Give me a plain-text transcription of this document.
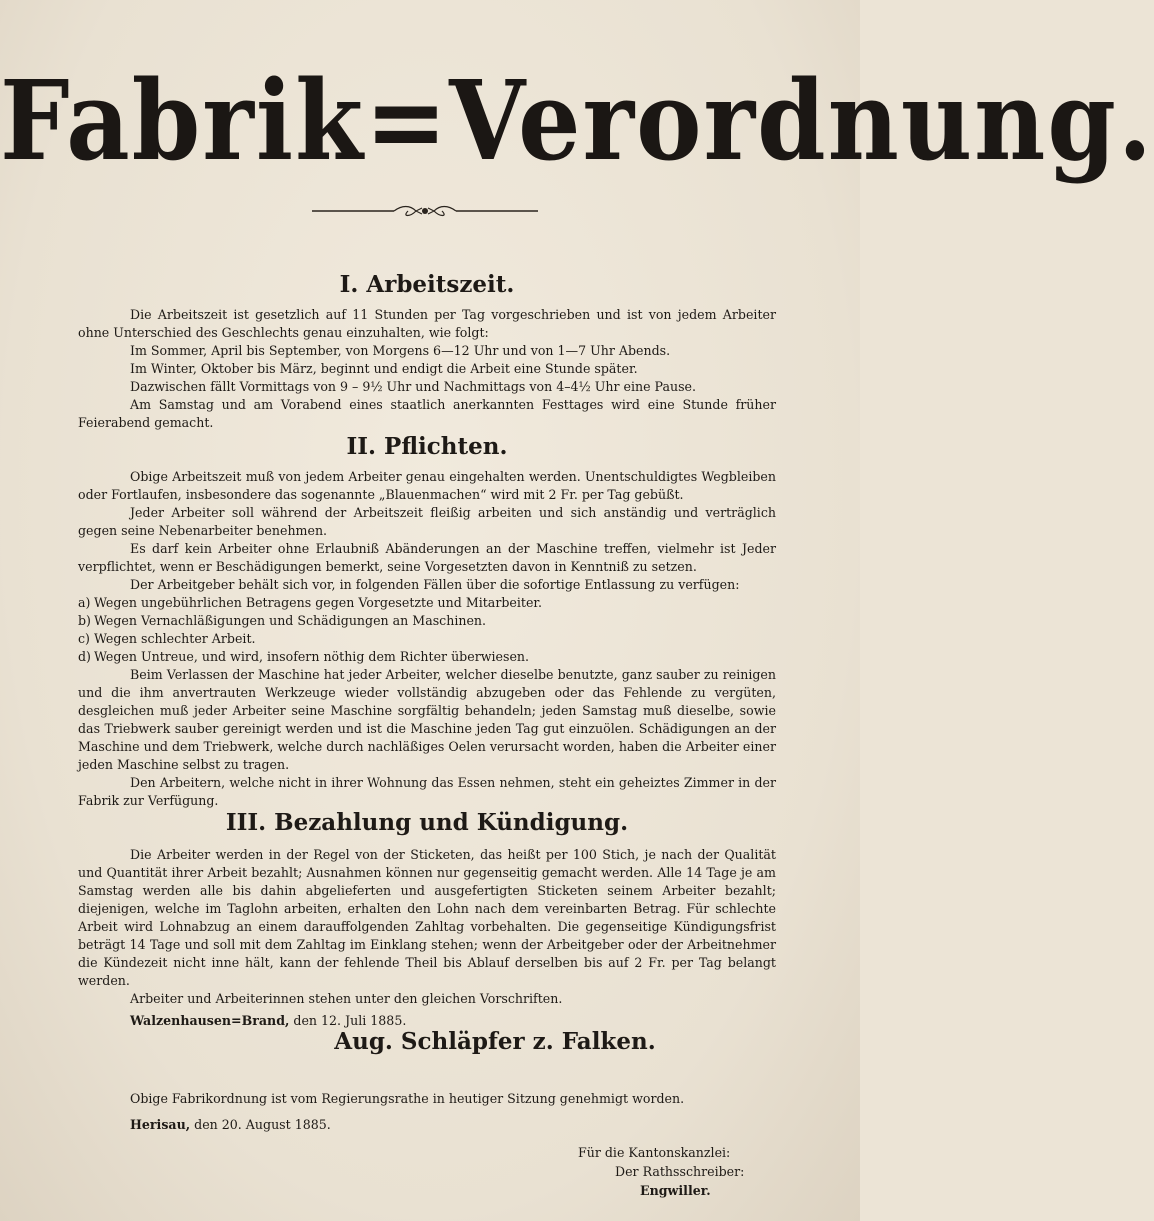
Fabrik=Verordnung.
I. Arbeitszeit.

Die Arbeitszeit ist gesetzlich auf 11 Stunden per Tag vorgeschrieben und ist von jedem Arbeiter ohne Unterschied des Geschlechts genau einzuhalten, wie folgt:

Im Sommer, April bis September, von Morgens 6—12 Uhr und von 1—7 Uhr Abends.

Im Winter, Oktober bis März, beginnt und endigt die Arbeit eine Stunde später.

Dazwischen fällt Vormittags von 9 – 9½ Uhr und Nachmittags von 4–4½ Uhr eine Pause.

Am Samstag und am Vorabend eines staatlich anerkannten Festtages wird eine Stunde früher Feierabend gemacht.

II. Pflichten.

Obige Arbeitszeit muß von jedem Arbeiter genau eingehalten werden. Unentschuldigtes Wegbleiben oder Fortlaufen, insbesondere das sogenannte „Blauenmachen“ wird mit 2 Fr. per Tag gebüßt.

Jeder Arbeiter soll während der Arbeitszeit fleißig arbeiten und sich anständig und verträglich gegen seine Nebenarbeiter benehmen.

Es darf kein Arbeiter ohne Erlaubniß Abänderungen an der Maschine treffen, vielmehr ist Jeder verpflichtet, wenn er Beschädigungen bemerkt, seine Vorgesetzten davon in Kenntniß zu setzen.

Der Arbeitgeber behält sich vor, in folgenden Fällen über die sofortige Entlassung zu verfügen:

a) Wegen ungebührlichen Betragens gegen Vorgesetzte und Mitarbeiter.
b) Wegen Vernachläßigungen und Schädigungen an Maschinen.
c) Wegen schlechter Arbeit.
d) Wegen Untreue, und wird, insofern nöthig dem Richter überwiesen.

Beim Verlassen der Maschine hat jeder Arbeiter, welcher dieselbe benutzte, ganz sauber zu reinigen und die ihm anvertrauten Werkzeuge wieder vollständig abzugeben oder das Fehlende zu vergüten, desgleichen muß jeder Arbeiter seine Maschine sorgfältig behandeln; jeden Samstag muß dieselbe, sowie das Triebwerk sauber gereinigt werden und ist die Maschine jeden Tag gut einzuölen. Schädigungen an der Maschine und dem Triebwerk, welche durch nachläßiges Oelen verursacht worden, haben die Arbeiter einer jeden Maschine selbst zu tragen.

Den Arbeitern, welche nicht in ihrer Wohnung das Essen nehmen, steht ein geheiztes Zimmer in der Fabrik zur Verfügung.

III. Bezahlung und Kündigung.

Die Arbeiter werden in der Regel von der Sticketen, das heißt per 100 Stich, je nach der Qualität und Quantität ihrer Arbeit bezahlt; Ausnahmen können nur gegenseitig gemacht werden. Alle 14 Tage je am Samstag werden alle bis dahin abgelieferten und ausgefertigten Sticketen seinem Arbeiter bezahlt; diejenigen, welche im Taglohn arbeiten, erhalten den Lohn nach dem vereinbarten Betrag. Für schlechte Arbeit wird Lohnabzug an einem darauffolgenden Zahltag vorbehalten. Die gegenseitige Kündigungsfrist beträgt 14 Tage und soll mit dem Zahltag im Einklang stehen; wenn der Arbeitgeber oder der Arbeitnehmer die Kündezeit nicht inne hält, kann der fehlende Theil bis Ablauf derselben bis auf 2 Fr. per Tag belangt werden.

Arbeiter und Arbeiterinnen stehen unter den gleichen Vorschriften.

Walzenhausen=Brand, den 12. Juli 1885.

Aug. Schläpfer z. Falken.
Obige Fabrikordnung ist vom Regierungsrathe in heutiger Sitzung genehmigt worden.
Herisau, den 20. August 1885.
Für die Kantonskanzlei:
Der Rathsschreiber:
Engwiller.
